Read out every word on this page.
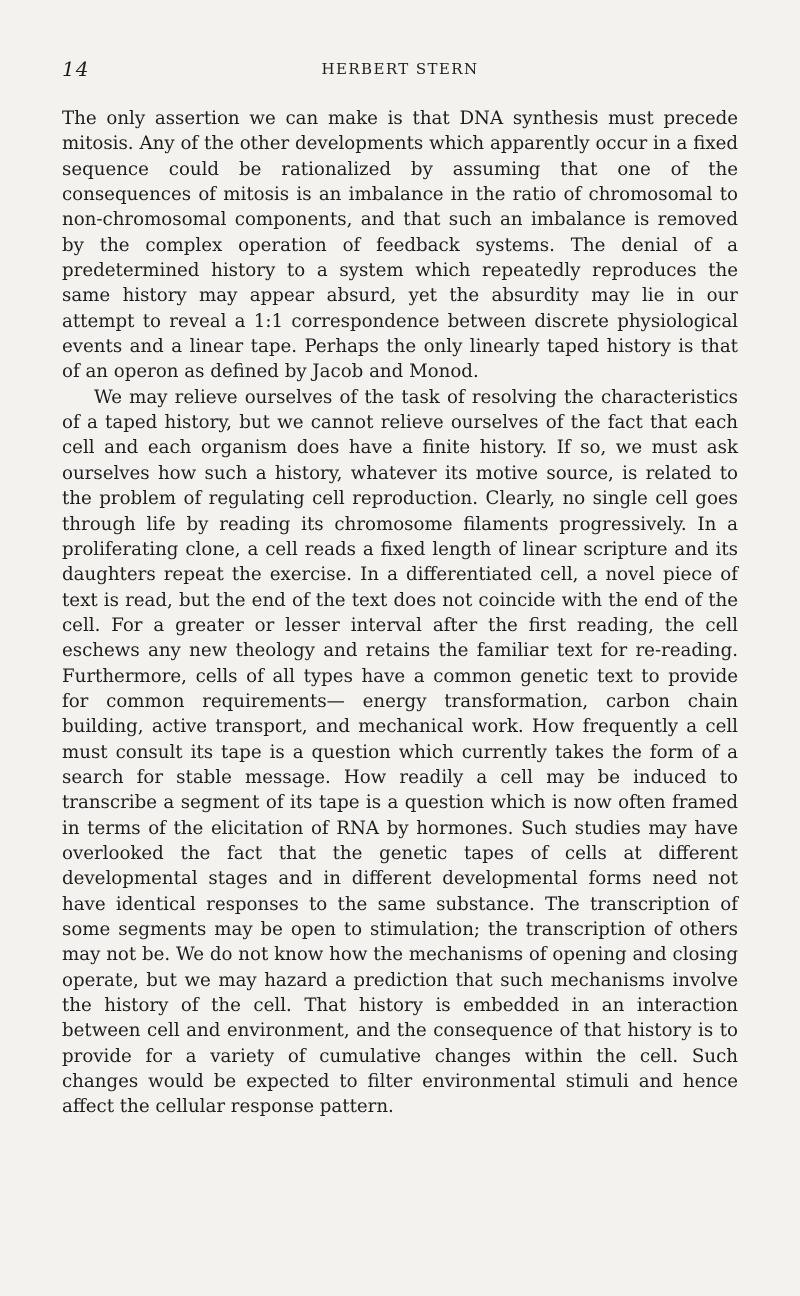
14	HERBERT STERN

The only assertion we can make is that DNA synthesis must precede mitosis. Any of the other developments which apparently occur in a fixed sequence could be rationalized by assuming that one of the consequences of mitosis is an imbalance in the ratio of chromosomal to non-chromosomal components, and that such an imbalance is removed by the complex operation of feedback systems. The denial of a predetermined history to a system which repeatedly reproduces the same history may appear absurd, yet the absurdity may lie in our attempt to reveal a 1:1 correspondence between discrete physiological events and a linear tape. Perhaps the only linearly taped history is that of an operon as defined by Jacob and Monod.

We may relieve ourselves of the task of resolving the characteristics of a taped history, but we cannot relieve ourselves of the fact that each cell and each organism does have a finite history. If so, we must ask ourselves how such a history, whatever its motive source, is related to the problem of regulating cell reproduction. Clearly, no single cell goes through life by reading its chromosome filaments progressively. In a proliferating clone, a cell reads a fixed length of linear scripture and its daughters repeat the exercise. In a differentiated cell, a novel piece of text is read, but the end of the text does not coincide with the end of the cell. For a greater or lesser interval after the first reading, the cell eschews any new theology and retains the familiar text for re-reading. Furthermore, cells of all types have a common genetic text to provide for common requirements— energy transformation, carbon chain building, active transport, and mechanical work. How frequently a cell must consult its tape is a question which currently takes the form of a search for stable message. How readily a cell may be induced to transcribe a segment of its tape is a question which is now often framed in terms of the elicitation of RNA by hormones. Such studies may have overlooked the fact that the genetic tapes of cells at different developmental stages and in different developmental forms need not have identical responses to the same substance. The transcription of some segments may be open to stimulation; the transcription of others may not be. We do not know how the mechanisms of opening and closing operate, but we may hazard a prediction that such mechanisms involve the history of the cell. That history is embedded in an interaction between cell and environment, and the consequence of that history is to provide for a variety of cumulative changes within the cell. Such changes would be expected to filter environmental stimuli and hence affect the cellular response pattern.
